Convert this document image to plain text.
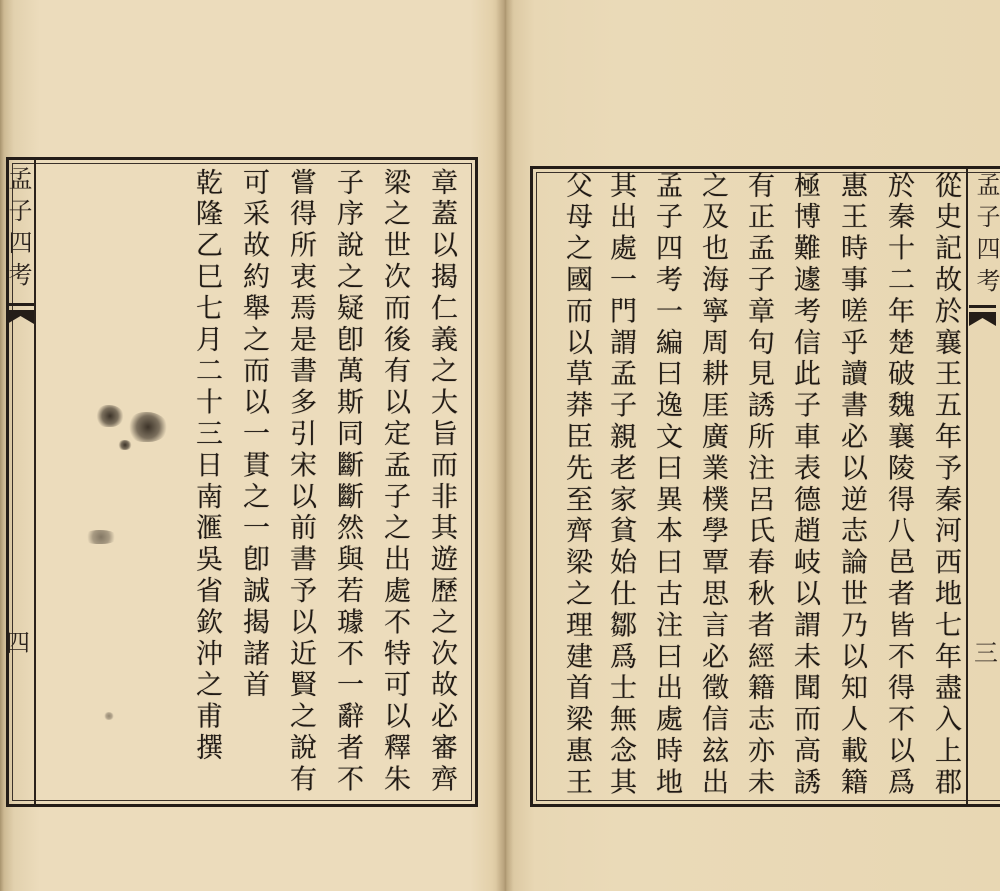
孟子四考
四	章蓋以揭仁義之大旨而非其遊歷之次故必審齊
梁之世次而後有以定孟子之出處不特可以釋朱
子序說之疑卽萬斯同斷斷然與若璩不一辭者不
嘗得所衷焉是書多引宋以前書予以近賢之說有
可采故約舉之而以一貫之一卽誠揭諸首
乾隆乙巳七月二十三日南滙吳省欽沖之甫撰	孟子四考
三
從史記故於襄王五年予秦河西地七年盡入上郡
於秦十二年楚破魏襄陵得八邑者皆不得不以爲
惠王時事嗟乎讀書必以逆志論世乃以知人載籍
極博難遽考信此子車表德趙岐以謂未聞而高誘
有正孟子章句見誘所注呂氏春秋者經籍志亦未
之及也海寧周耕厓廣業樸學覃思言必徵信玆出
孟子四考一編曰逸文曰異本曰古注曰出處時地
其出處一門謂孟子親老家貧始仕鄒爲士無念其
父母之國而以草莽臣先至齊梁之理建首梁惠王
